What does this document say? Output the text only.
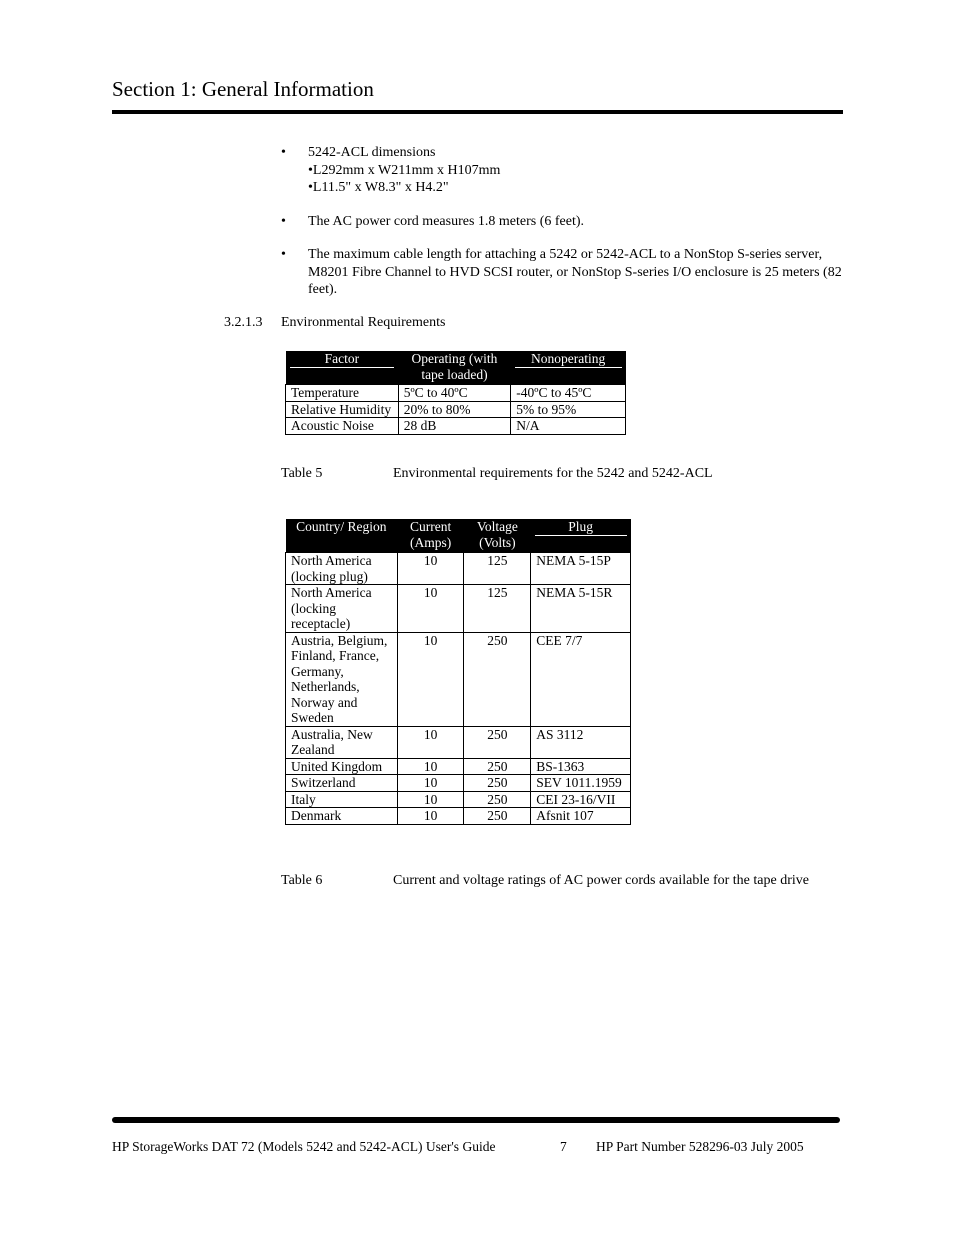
Section 1: General Information
• 5242-ACL dimensions
•L292mm x W211mm x H107mm
•L11.5" x W8.3" x H4.2"
• The AC power cord measures 1.8 meters (6 feet).
• The maximum cable length for attaching a 5242 or 5242-ACL to a NonStop S-series server, M8201 Fibre Channel to HVD SCSI router, or NonStop S-series I/O enclosure is 25 meters (82 feet).
3.2.1.3 Environmental Requirements
Factor	Operating (with tape loaded)	Nonoperating

Temperature	5ºC to 40ºC	-40ºC to 45ºC
Relative Humidity	20% to 80%	5% to 95%
Acoustic Noise	28 dB	N/A
Table 5	Environmental requirements for the 5242 and 5242-ACL
Country/ Region	Current (Amps)	Voltage (Volts)	Plug

North America (locking plug)	10	125	NEMA 5-15P
North America (locking receptacle)	10	125	NEMA 5-15R
Austria, Belgium, Finland, France, Germany, Netherlands, Norway and Sweden	10	250	CEE 7/7
Australia, New Zealand	10	250	AS 3112
United Kingdom	10	250	BS-1363
Switzerland	10	250	SEV 1011.1959
Italy	10	250	CEI 23-16/VII
Denmark	10	250	Afsnit 107
Table 6	Current and voltage ratings of AC power cords available for the tape drive
HP StorageWorks DAT 72 (Models 5242 and 5242-ACL) User's Guide	7 HP Part Number 528296-03 July 2005
